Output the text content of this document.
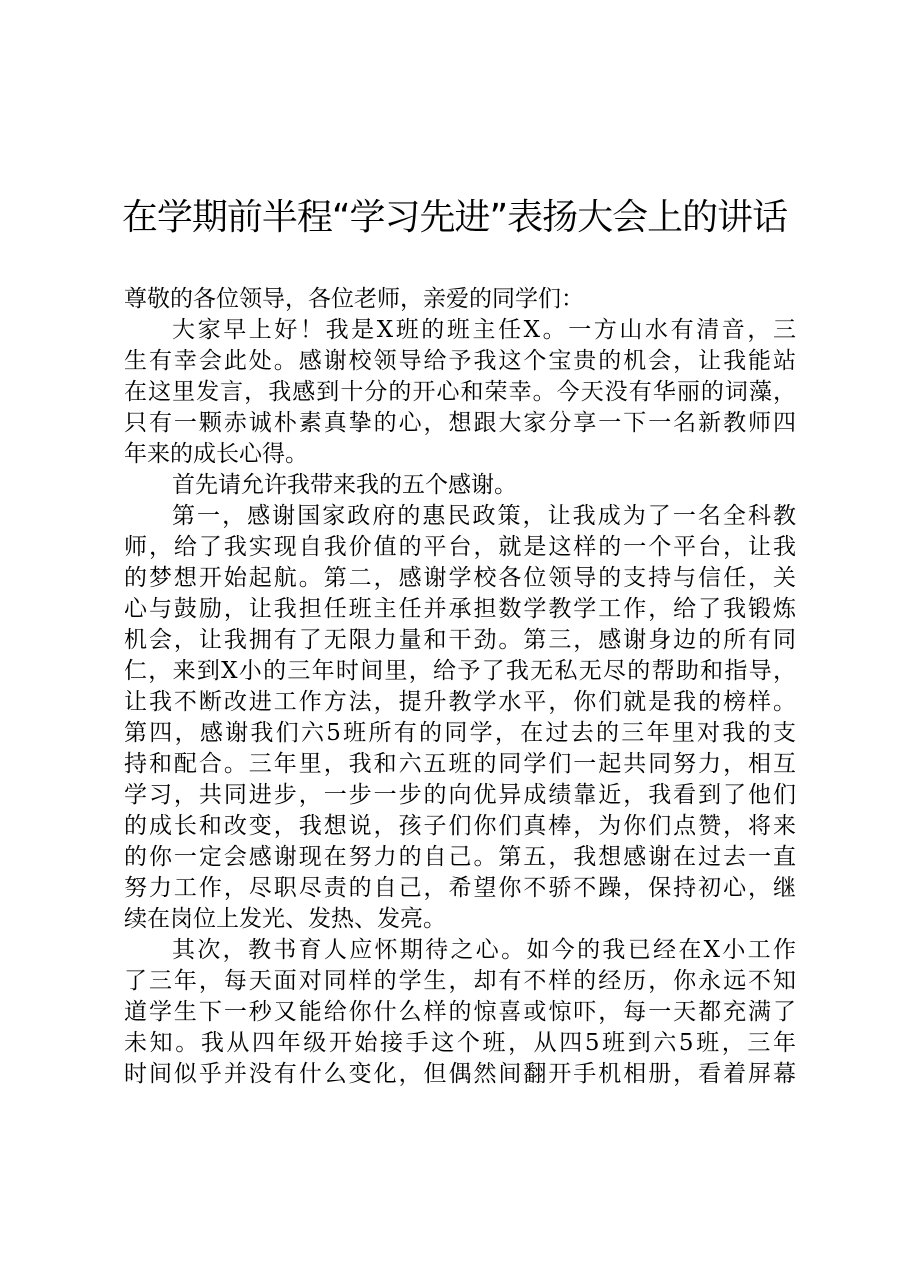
在学期前半程“学习先进”表扬大会上的讲话

尊敬的各位领导，各位老师，亲爱的同学们：

大家早上好！我是X班的班主任X。一方山水有清音，三

生有幸会此处。感谢校领导给予我这个宝贵的机会，让我能站

在这里发言，我感到十分的开心和荣幸。今天没有华丽的词藻，

只有一颗赤诚朴素真挚的心，想跟大家分享一下一名新教师四

年来的成长心得。

首先请允许我带来我的五个感谢。

第一，感谢国家政府的惠民政策，让我成为了一名全科教

师，给了我实现自我价值的平台，就是这样的一个平台，让我

的梦想开始起航。第二，感谢学校各位领导的支持与信任，关

心与鼓励，让我担任班主任并承担数学教学工作，给了我锻炼

机会，让我拥有了无限力量和干劲。第三，感谢身边的所有同

仁，来到X小的三年时间里，给予了我无私无尽的帮助和指导，

让我不断改进工作方法，提升教学水平，你们就是我的榜样。

第四，感谢我们六5班所有的同学，在过去的三年里对我的支

持和配合。三年里，我和六五班的同学们一起共同努力，相互

学习，共同进步，一步一步的向优异成绩靠近，我看到了他们

的成长和改变，我想说，孩子们你们真棒，为你们点赞，将来

的你一定会感谢现在努力的自己。第五，我想感谢在过去一直

努力工作，尽职尽责的自己，希望你不骄不躁，保持初心，继

续在岗位上发光、发热、发亮。

其次，教书育人应怀期待之心。如今的我已经在X小工作

了三年，每天面对同样的学生，却有不样的经历，你永远不知

道学生下一秒又能给你什么样的惊喜或惊吓，每一天都充满了

未知。我从四年级开始接手这个班，从四5班到六5班，三年

时间似乎并没有什么变化，但偶然间翻开手机相册，看着屏幕
